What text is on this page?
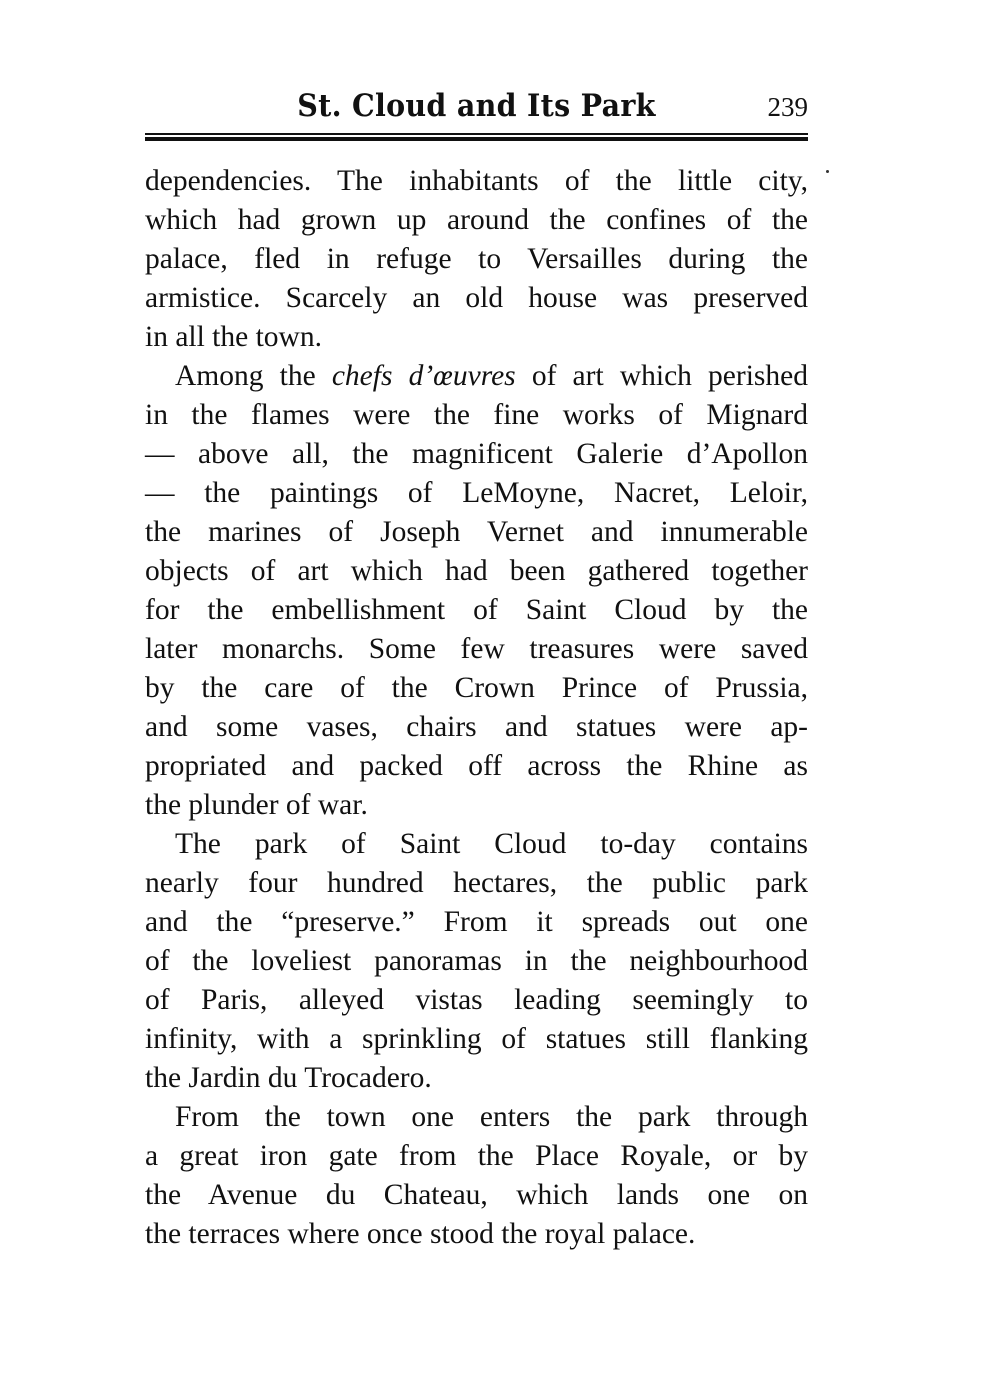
St. Cloud and Its Park	239
dependencies. The inhabitants of the little city,
which had grown up around the confines of the
palace, fled in refuge to Versailles during the
armistice. Scarcely an old house was preserved
in all the town.
Among the chefs d’œuvres of art which perished
in the flames were the fine works of Mignard
— above all, the magnificent Galerie d’Apollon
— the paintings of LeMoyne, Nacret, Leloir,
the marines of Joseph Vernet and innumerable
objects of art which had been gathered together
for the embellishment of Saint Cloud by the
later monarchs. Some few treasures were saved
by the care of the Crown Prince of Prussia,
and some vases, chairs and statues were ap-
propriated and packed off across the Rhine as
the plunder of war.
The park of Saint Cloud to-day contains
nearly four hundred hectares, the public park
and the “preserve.” From it spreads out one
of the loveliest panoramas in the neighbourhood
of Paris, alleyed vistas leading seemingly to
infinity, with a sprinkling of statues still flanking
the Jardin du Trocadero.
From the town one enters the park through
a great iron gate from the Place Royale, or by
the Avenue du Chateau, which lands one on
the terraces where once stood the royal palace.
